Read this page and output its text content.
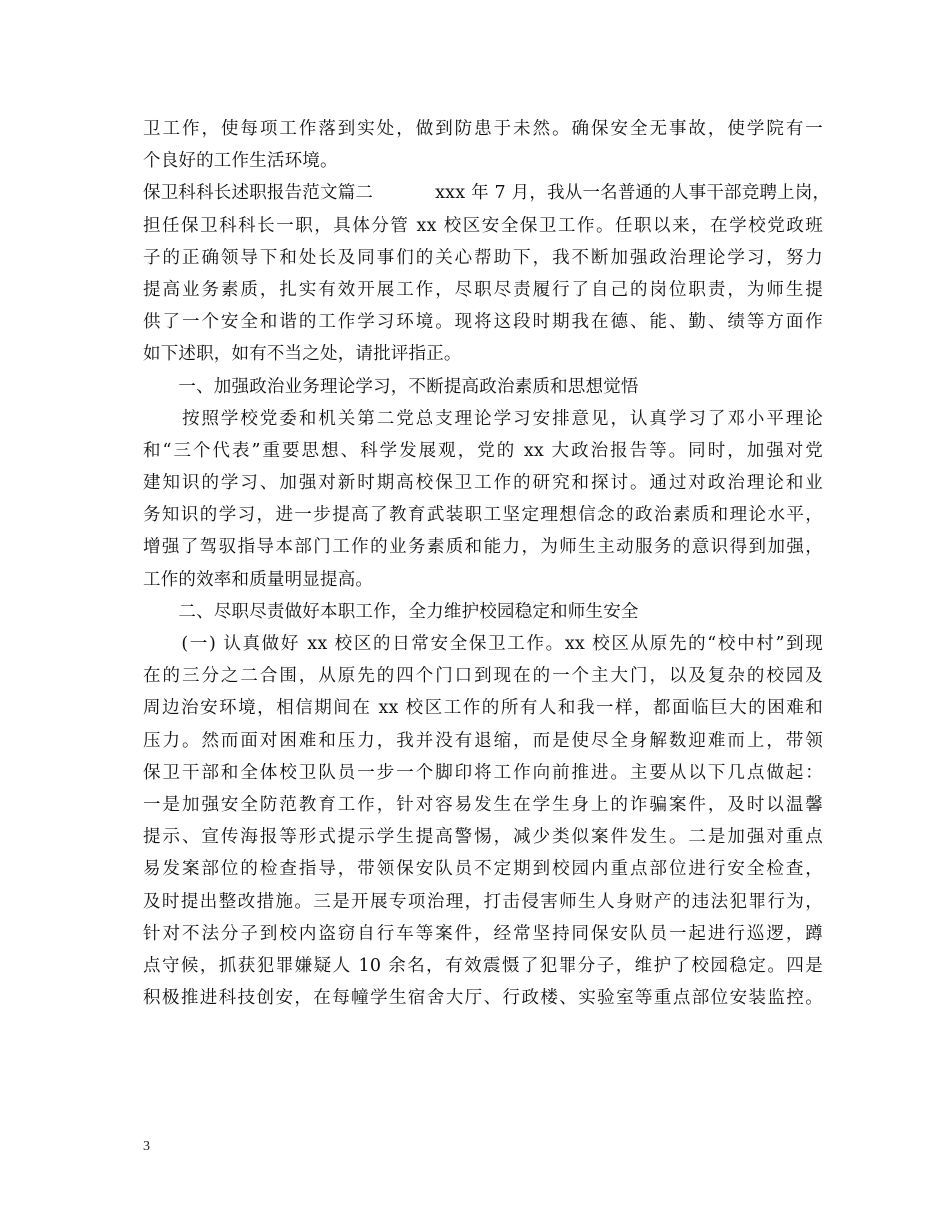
卫工作，使每项工作落到实处，做到防患于未然。确保安全无事故，使学院有一
个良好的工作生活环境。
保卫科科长述职报告范文篇二	xxx 年 7 月，我从一名普通的人事干部竞聘上岗，
担任保卫科科长一职，具体分管 xx 校区安全保卫工作。任职以来，在学校党政班
子的正确领导下和处长及同事们的关心帮助下，我不断加强政治理论学习，努力
提高业务素质，扎实有效开展工作，尽职尽责履行了自己的岗位职责，为师生提
供了一个安全和谐的工作学习环境。现将这段时期我在德、能、勤、绩等方面作
如下述职，如有不当之处，请批评指正。
　　一、加强政治业务理论学习，不断提高政治素质和思想觉悟
　　按照学校党委和机关第二党总支理论学习安排意见，认真学习了邓小平理论
和“三个代表”重要思想、科学发展观，党的 xx 大政治报告等。同时，加强对党
建知识的学习、加强对新时期高校保卫工作的研究和探讨。通过对政治理论和业
务知识的学习，进一步提高了教育武装职工坚定理想信念的政治素质和理论水平，
增强了驾驭指导本部门工作的业务素质和能力，为师生主动服务的意识得到加强，
工作的效率和质量明显提高。
　　二、尽职尽责做好本职工作，全力维护校园稳定和师生安全
　　(一) 认真做好 xx 校区的日常安全保卫工作。xx 校区从原先的“校中村”到现
在的三分之二合围，从原先的四个门口到现在的一个主大门，以及复杂的校园及
周边治安环境，相信期间在 xx 校区工作的所有人和我一样，都面临巨大的困难和
压力。然而面对困难和压力，我并没有退缩，而是使尽全身解数迎难而上，带领
保卫干部和全体校卫队员一步一个脚印将工作向前推进。主要从以下几点做起：
一是加强安全防范教育工作，针对容易发生在学生身上的诈骗案件，及时以温馨
提示、宣传海报等形式提示学生提高警惕，减少类似案件发生。二是加强对重点
易发案部位的检查指导，带领保安队员不定期到校园内重点部位进行安全检查，
及时提出整改措施。三是开展专项治理，打击侵害师生人身财产的违法犯罪行为，
针对不法分子到校内盗窃自行车等案件，经常坚持同保安队员一起进行巡逻，蹲
点守候，抓获犯罪嫌疑人 10 余名，有效震慑了犯罪分子，维护了校园稳定。四是
积极推进科技创安，在每幢学生宿舍大厅、行政楼、实验室等重点部位安装监控。
3
